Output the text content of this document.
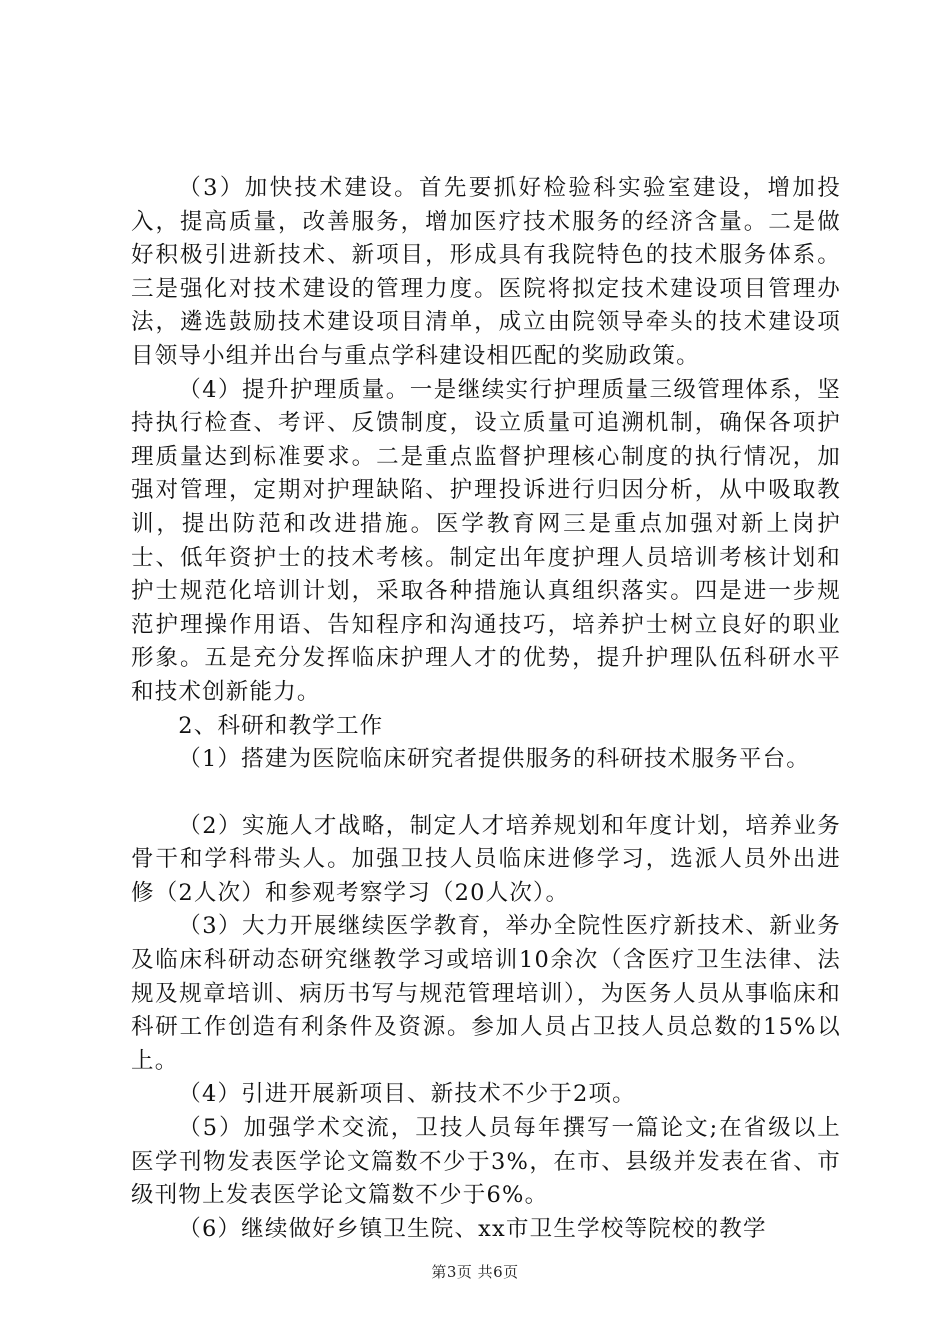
（3）加快技术建设。首先要抓好检验科实验室建设，增加投入，提高质量，改善服务，增加医疗技术服务的经济含量。二是做好积极引进新技术、新项目，形成具有我院特色的技术服务体系。三是强化对技术建设的管理力度。医院将拟定技术建设项目管理办法，遴选鼓励技术建设项目清单，成立由院领导牵头的技术建设项目领导小组并出台与重点学科建设相匹配的奖励政策。

（4）提升护理质量。一是继续实行护理质量三级管理体系，坚持执行检查、考评、反馈制度，设立质量可追溯机制，确保各项护理质量达到标准要求。二是重点监督护理核心制度的执行情况，加强对管理，定期对护理缺陷、护理投诉进行归因分析，从中吸取教训，提出防范和改进措施。医学教育网三是重点加强对新上岗护士、低年资护士的技术考核。制定出年度护理人员培训考核计划和护士规范化培训计划，采取各种措施认真组织落实。四是进一步规范护理操作用语、告知程序和沟通技巧，培养护士树立良好的职业形象。五是充分发挥临床护理人才的优势，提升护理队伍科研水平和技术创新能力。

2、科研和教学工作

（1）搭建为医院临床研究者提供服务的科研技术服务平台。

（2）实施人才战略，制定人才培养规划和年度计划，培养业务骨干和学科带头人。加强卫技人员临床进修学习，选派人员外出进修（2人次）和参观考察学习（20人次）。

（3）大力开展继续医学教育，举办全院性医疗新技术、新业务及临床科研动态研究继教学习或培训10余次（含医疗卫生法律、法规及规章培训、病历书写与规范管理培训），为医务人员从事临床和科研工作创造有利条件及资源。参加人员占卫技人员总数的15%以上。

（4）引进开展新项目、新技术不少于2项。

（5）加强学术交流，卫技人员每年撰写一篇论文;在省级以上医学刊物发表医学论文篇数不少于3%，在市、县级并发表在省、市级刊物上发表医学论文篇数不少于6%。

（6）继续做好乡镇卫生院、xx市卫生学校等院校的教学

第3页 共6页
